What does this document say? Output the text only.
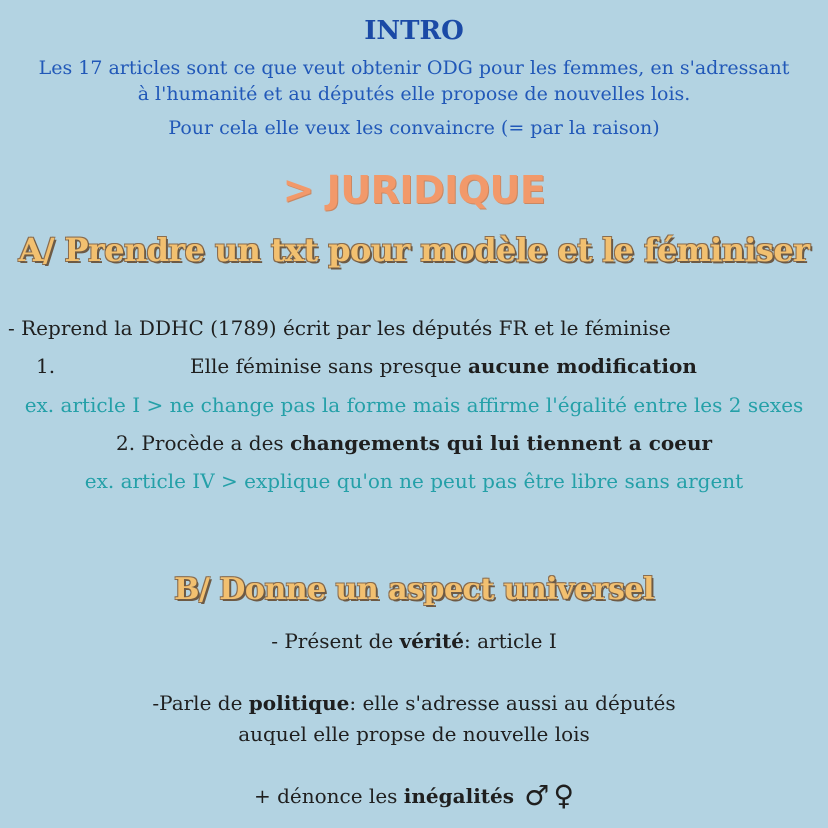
INTRO
Les 17 articles sont ce que veut obtenir ODG pour les femmes, en s'adressant
à l'humanité et au députés elle propose de nouvelles lois.
Pour cela elle veux les convaincre (= par la raison)
> JURIDIQUE
A/ Prendre un txt pour modèle et le féminiser
- Reprend la DDHC (1789) écrit par les députés FR et le féminise
1.	Elle féminise sans presque aucune modification
ex. article I > ne change pas la forme mais affirme l'égalité entre les 2 sexes
2. Procède a des changements qui lui tiennent a coeur
ex. article IV > explique qu'on ne peut pas être libre sans argent
B/ Donne un aspect universel
- Présent de vérité: article I
-Parle de politique: elle s'adresse aussi au députés
auquel elle propse de nouvelle lois
+ dénonce les inégalités ♂ ♀
